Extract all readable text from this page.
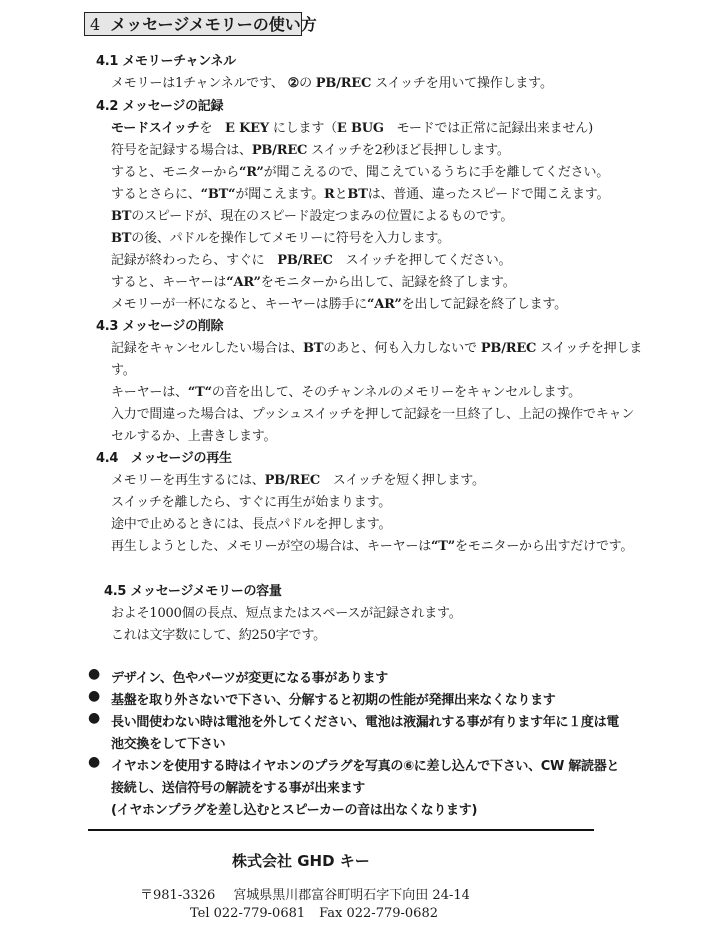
4 メッセージメモリーの使い方
4.1 メモリーチャンネル
メモリーは1チャンネルです、 ②の PB/REC スイッチを用いて操作します。
4.2 メッセージの記録
モードスイッチを　E KEY にします（E BUG　モードでは正常に記録出来ません)
符号を記録する場合は、PB/REC スイッチを2秒ほど長押しします。
すると、モニターから“R”が聞こえるので、聞こえているうちに手を離してください。
するとさらに、“BT“が聞こえます。RとBTは、普通、違ったスピードで聞こえます。
BTのスピードが、現在のスピード設定つまみの位置によるものです。
BTの後、パドルを操作してメモリーに符号を入力します。
記録が終わったら、すぐに　PB/REC　スイッチを押してください。
すると、キーヤーは“AR”をモニターから出して、記録を終了します。
メモリーが一杯になると、キーヤーは勝手に“AR”を出して記録を終了します。
4.3 メッセージの削除
記録をキャンセルしたい場合は、BTのあと、何も入力しないで PB/REC スイッチを押しま
す。
キーヤーは、“T“の音を出して、そのチャンネルのメモリーをキャンセルします。
入力で間違った場合は、プッシュスイッチを押して記録を一旦終了し、上記の操作でキャン
セルするか、上書きします。
4.4　メッセージの再生
メモリーを再生するには、PB/REC　スイッチを短く押します。
スイッチを離したら、すぐに再生が始まります。
途中で止めるときには、長点パドルを押します。
再生しようとした、メモリーが空の場合は、キーヤーは“T”をモニターから出すだけです。
4.5 メッセージメモリーの容量
およそ1000個の長点、短点またはスペースが記録されます。
これは文字数にして、約250字です。
● デザイン、色やパーツが変更になる事があります
● 基盤を取り外さないで下さい、分解すると初期の性能が発揮出来なくなります
● 長い間使わない時は電池を外してください、電池は液漏れする事が有ります年に１度は電
池交換をして下さい
● イヤホンを使用する時はイヤホンのプラグを写真の⑥に差し込んで下さい、CW 解読器と
接続し、送信符号の解読をする事が出来ます
(イヤホンプラグを差し込むとスピーカーの音は出なくなります)
株式会社 GHD キー
〒981-3326 宮城県黒川郡富谷町明石字下向田 24-14
Tel 022-779-0681 Fax 022-779-0682
